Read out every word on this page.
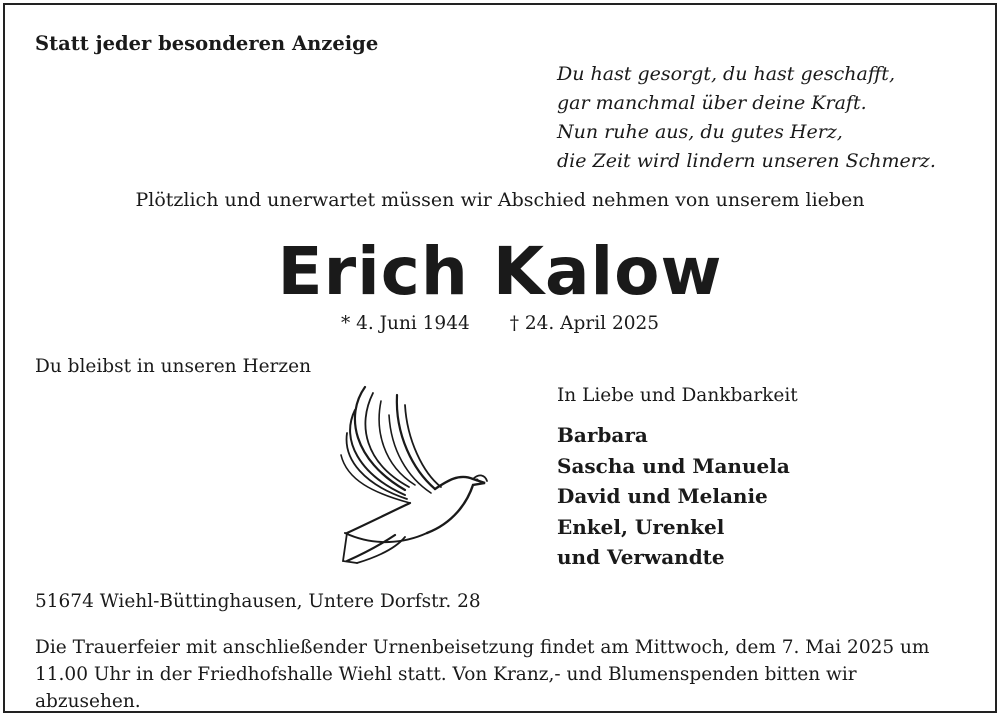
Statt jeder besonderen Anzeige
Du hast gesorgt, du hast geschafft,
gar manchmal über deine Kraft.
Nun ruhe aus, du gutes Herz,
die Zeit wird lindern unseren Schmerz.
Plötzlich und unerwartet müssen wir Abschied nehmen von unserem lieben
Erich Kalow
* 4. Juni 1944 † 24. April 2025
Du bleibst in unseren Herzen
In Liebe und Dankbarkeit
Barbara
Sascha und Manuela
David und Melanie
Enkel, Urenkel
und Verwandte
51674 Wiehl-Büttinghausen, Untere Dorfstr. 28
Die Trauerfeier mit anschließender Urnenbeisetzung findet am Mittwoch, dem 7. Mai 2025 um 11.00 Uhr in der Friedhofshalle Wiehl statt. Von Kranz,- und Blumenspenden bitten wir abzusehen.
